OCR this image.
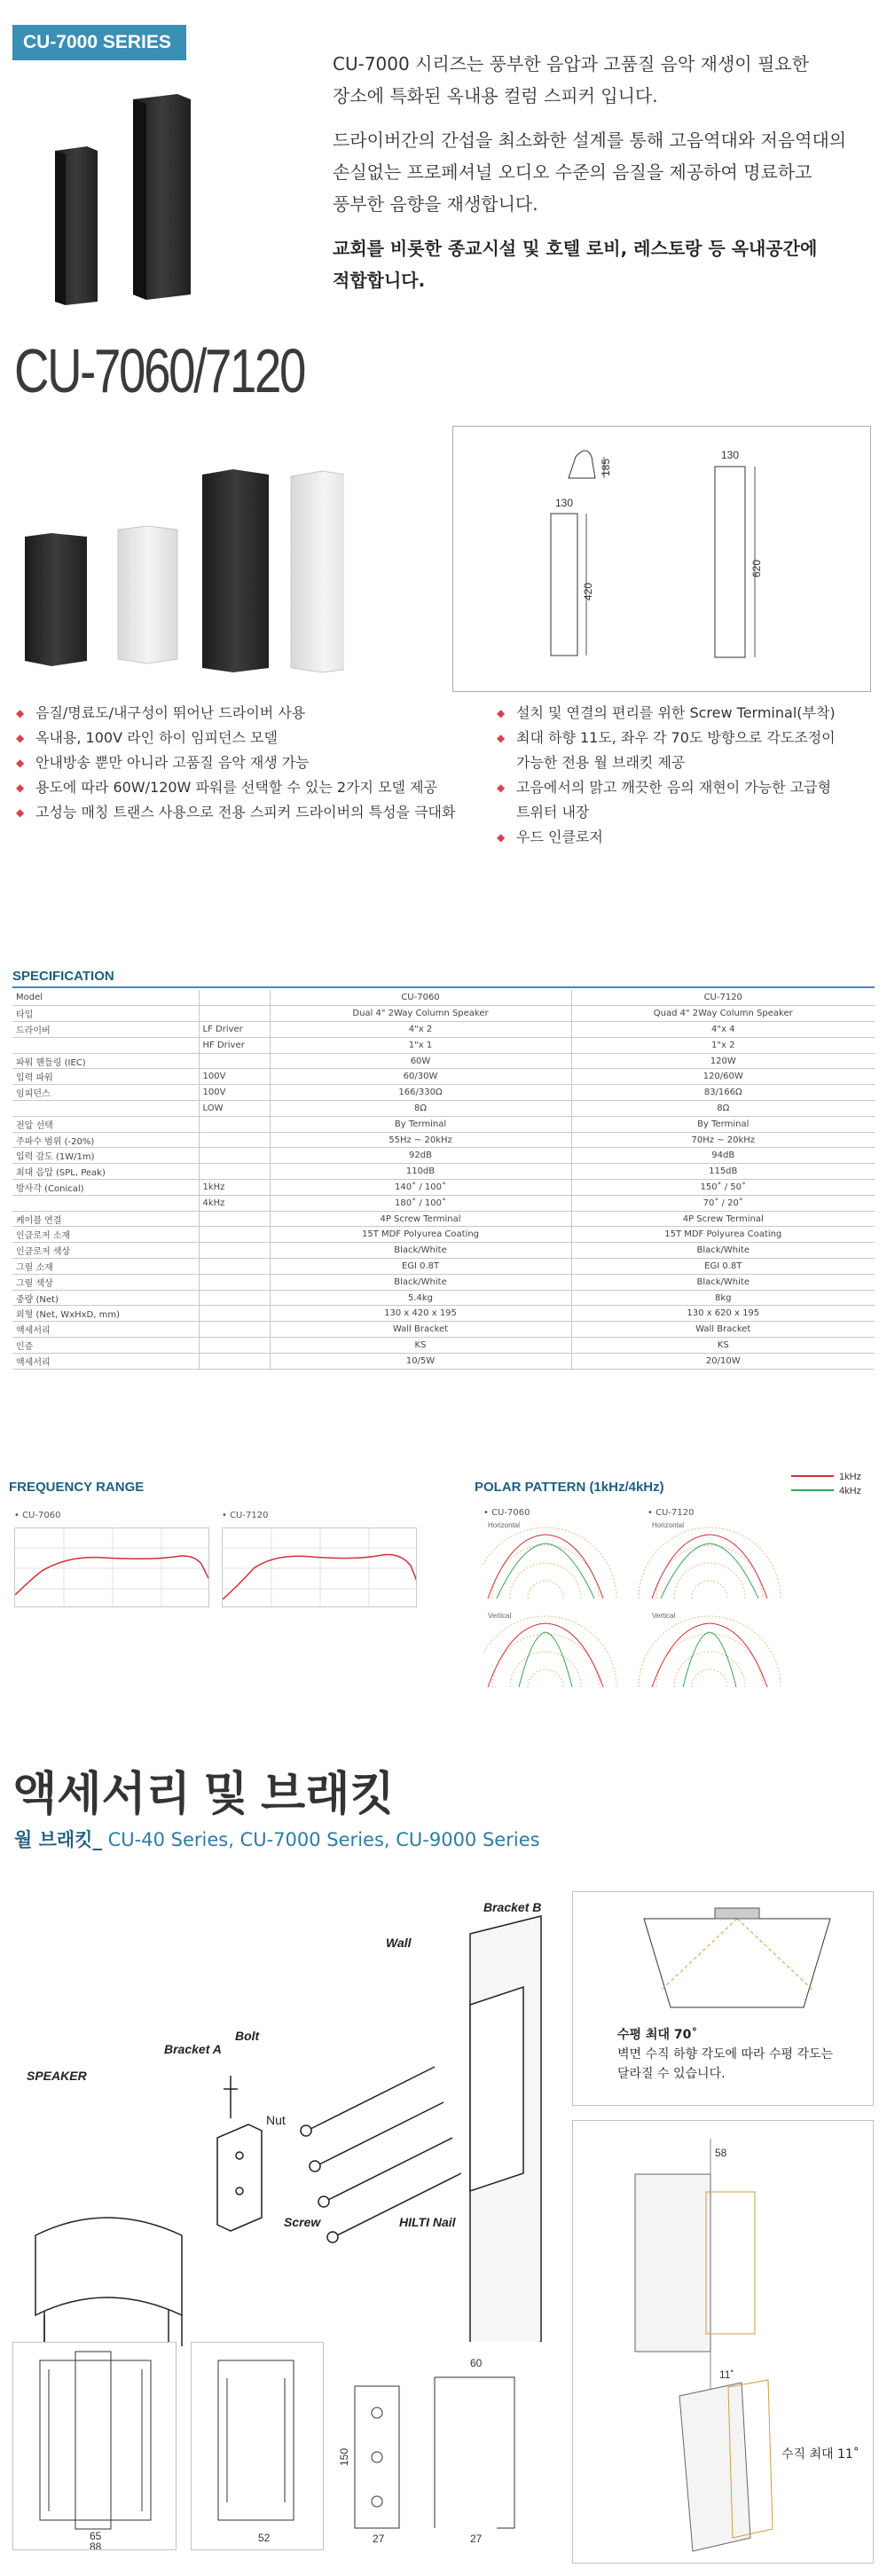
CU-7000 SERIES

CU-7000 시리즈는 풍부한 음압과 고품질 음악 재생이 필요한
장소에 특화된 옥내용 컬럼 스피커 입니다.

드라이버간의 간섭을 최소화한 설계를 통해 고음역대와 저음역대의
손실없는 프로페셔널 오디오 수준의 음질을 제공하여 명료하고
풍부한 음향을 재생합니다.

교회를 비롯한 종교시설 및 호텔 로비, 레스토랑 등 옥내공간에
적합합니다.

CU-7060/7120
185
130
420
130
620
◆ 음질/명료도/내구성이 뛰어난 드라이버 사용
◆ 옥내용, 100V 라인 하이 임피던스 모델
◆ 안내방송 뿐만 아니라 고품질 음악 재생 가능
◆ 용도에 따라 60W/120W 파워를 선택할 수 있는 2가지 모델 제공
◆ 고성능 매칭 트랜스 사용으로 전용 스피커 드라이버의 특성을 극대화
◆ 설치 및 연결의 편리를 위한 Screw Terminal(부착)
◆ 최대 하향 11도, 좌우 각 70도 방향으로 각도조정이
가능한 전용 월 브래킷 제공
◆ 고음에서의 맑고 깨끗한 음의 재현이 가능한 고급형
트위터 내장
◆ 우드 인클로저
SPECIFICATION
Model		CU-7060	CU-7120
타입		Dual 4" 2Way Column Speaker	Quad 4" 2Way Column Speaker
드라이버	LF Driver	4"x 2	4"x 4
	HF Driver	1"x 1	1"x 2
파워 핸들링 (IEC)		60W	120W
입력 파워	100V	60/30W	120/60W
임피던스	100V	166/330Ω	83/166Ω
	LOW	8Ω	8Ω
전압 선택		By Terminal	By Terminal
주파수 범위 (-20%)		55Hz ~ 20kHz	70Hz ~ 20kHz
입력 감도 (1W/1m)		92dB	94dB
최대 음압 (SPL, Peak)		110dB	115dB
방사각 (Conical)	1kHz	140˚ / 100˚	150˚ / 50˚
	4kHz	180˚ / 100˚	70˚ / 20˚
케이블 연결		4P Screw Terminal	4P Screw Terminal
인클로저 소재		15T MDF Polyurea Coating	15T MDF Polyurea Coating
인클로저 색상		Black/White	Black/White
그릴 소재		EGI 0.8T	EGI 0.8T
그릴 색상		Black/White	Black/White
중량 (Net)		5.4kg	8kg
외형 (Net, WxHxD, mm)		130 x 420 x 195	130 x 620 x 195
액세서리		Wall Bracket	Wall Bracket
인증		KS	KS
액세서리		10/5W	20/10W
FREQUENCY RANGE
• CU-7060	• CU-7120
POLAR PATTERN (1kHz/4kHz)
1kHz
4kHz
• CU-7060	• CU-7120
Horizontal	Horizontal
Vertical	Vertical
액세서리 및 브래킷
월 브래킷_ CU-40 Series, CU-7000 Series, CU-9000 Series
Bracket B
Wall
Bolt
Bracket A
SPEAKER
Nut
Screw	HILTI Nail
수평 최대 70˚
벽면 수직 하향 각도에 따라 수평 각도는
달라질 수 있습니다.
58
11˚
수직 최대 11˚
65
88
52
150
27
60
27
